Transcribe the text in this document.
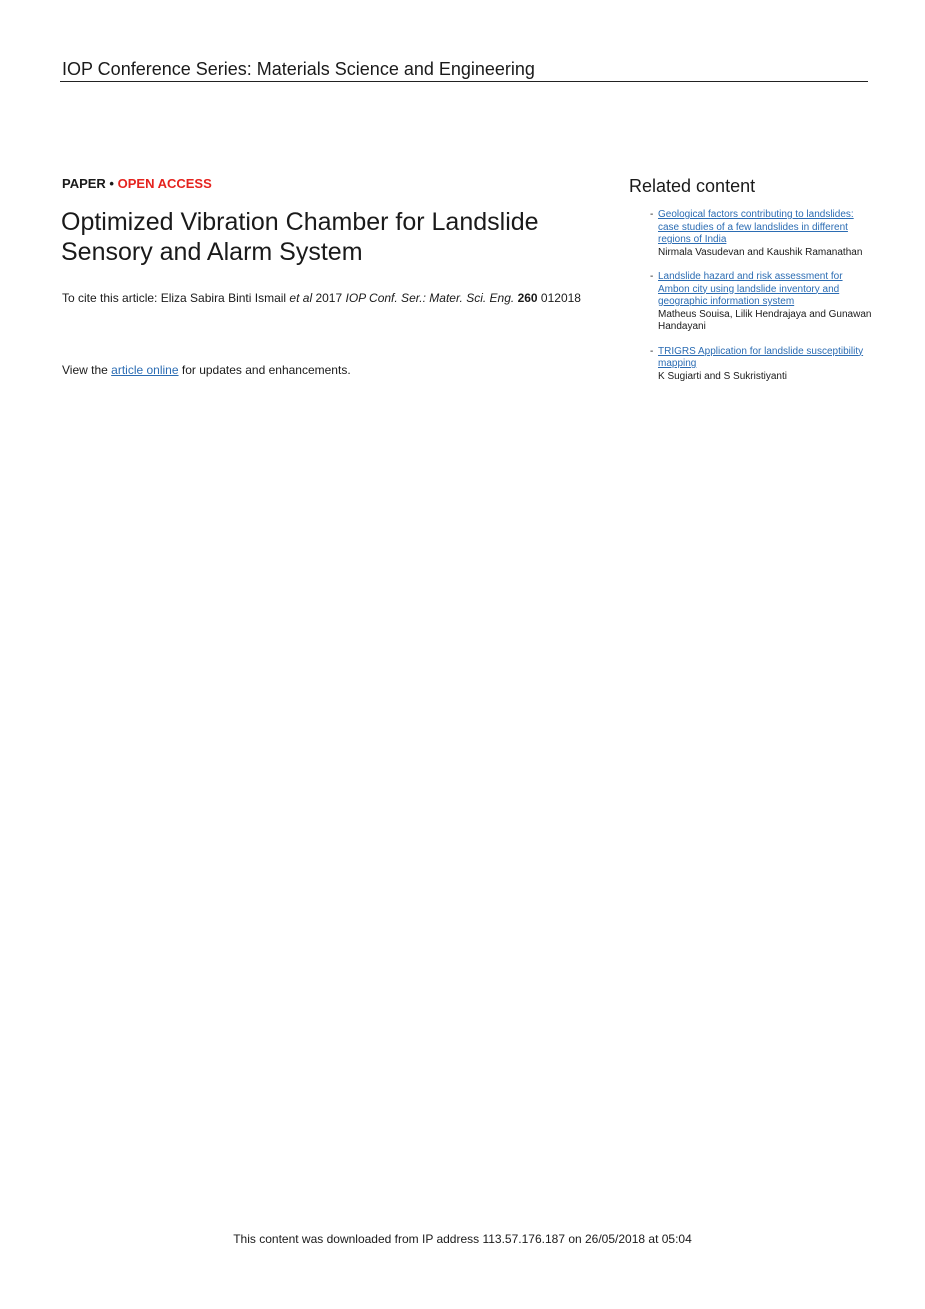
IOP Conference Series: Materials Science and Engineering
PAPER • OPEN ACCESS
Optimized Vibration Chamber for Landslide Sensory and Alarm System
To cite this article: Eliza Sabira Binti Ismail et al 2017 IOP Conf. Ser.: Mater. Sci. Eng. 260 012018
View the article online for updates and enhancements.
Related content
- Geological factors contributing to landslides: case studies of a few landslides in different regions of India
Nirmala Vasudevan and Kaushik Ramanathan
- Landslide hazard and risk assessment for Ambon city using landslide inventory and geographic information system
Matheus Souisa, Lilik Hendrajaya and Gunawan Handayani
- TRIGRS Application for landslide susceptibility mapping
K Sugiarti and S Sukristiyanti
This content was downloaded from IP address 113.57.176.187 on 26/05/2018 at 05:04
